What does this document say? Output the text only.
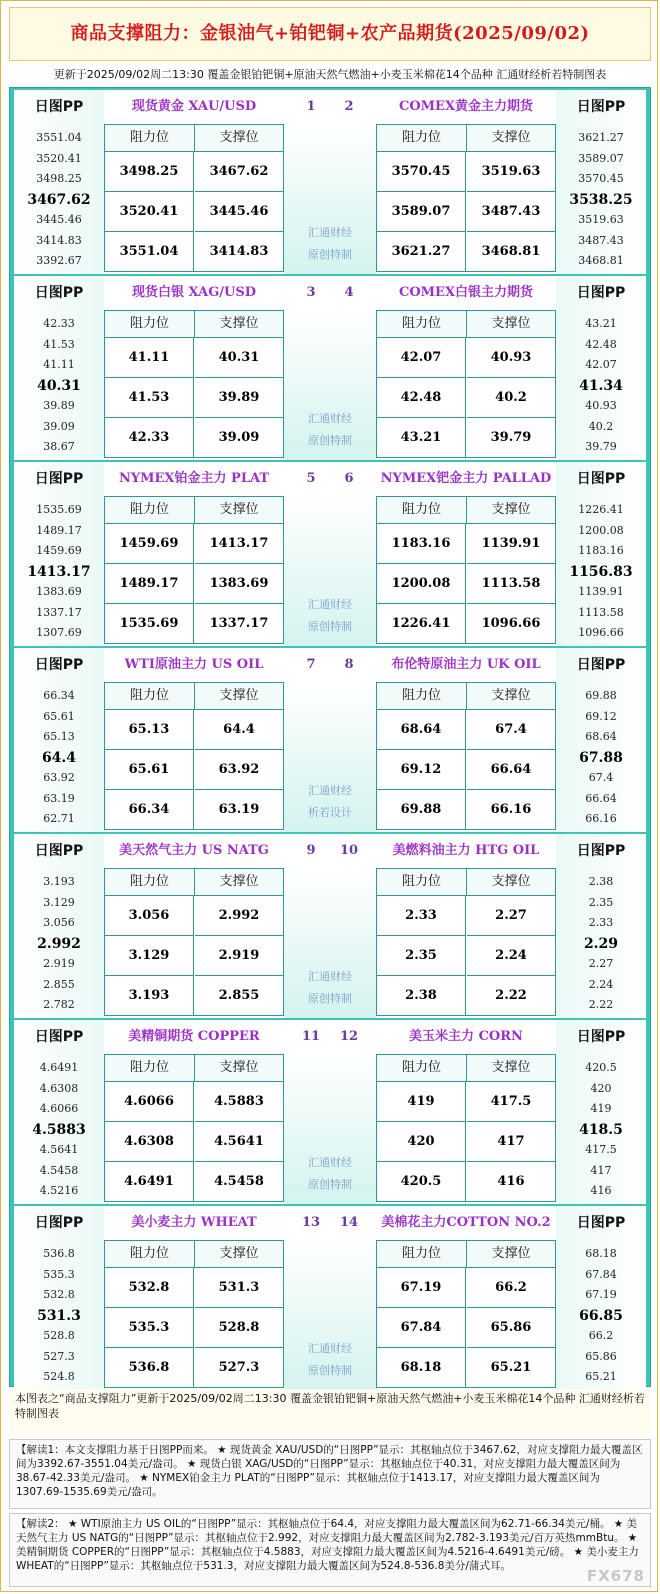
商品支撑阻力：金银油气+铂钯铜+农产品期货(2025/09/02)
更新于2025/09/02周二13:30 覆盖金银铂钯铜+原油天然气燃油+小麦玉米棉花14个品种 汇通财经析若特制图表
日图PP	现货黄金 XAU/USD	1	2	COMEX黄金主力期货	日图PP
3551.04
3520.41
3498.25
3467.62
3445.46
3414.83
3392.67
3621.27
3589.07
3570.45
3538.25
3519.63
3487.43
3468.81
阻力位	支撑位
3498.25	3467.62
3520.41	3445.46
3551.04	3414.83
阻力位	支撑位
3570.45	3519.63
3589.07	3487.43
3621.27	3468.81
汇通财经
原创特制
日图PP	现货白银 XAG/USD	3	4	COMEX白银主力期货	日图PP
42.33
41.53
41.11
40.31
39.89
39.09
38.67
43.21
42.48
42.07
41.34
40.93
40.2
39.79
阻力位	支撑位
41.11	40.31
41.53	39.89
42.33	39.09
阻力位	支撑位
42.07	40.93
42.48	40.2
43.21	39.79
汇通财经
原创特制
日图PP	NYMEX铂金主力 PLAT	5	6	NYMEX钯金主力 PALLAD	日图PP
1535.69
1489.17
1459.69
1413.17
1383.69
1337.17
1307.69
1226.41
1200.08
1183.16
1156.83
1139.91
1113.58
1096.66
阻力位	支撑位
1459.69	1413.17
1489.17	1383.69
1535.69	1337.17
阻力位	支撑位
1183.16	1139.91
1200.08	1113.58
1226.41	1096.66
汇通财经
原创特制
日图PP	WTI原油主力 US OIL	7	8	布伦特原油主力 UK OIL	日图PP
66.34
65.61
65.13
64.4
63.92
63.19
62.71
69.88
69.12
68.64
67.88
67.4
66.64
66.16
阻力位	支撑位
65.13	64.4
65.61	63.92
66.34	63.19
阻力位	支撑位
68.64	67.4
69.12	66.64
69.88	66.16
汇通财经
析若设计
日图PP	美天然气主力 US NATG	9	10	美燃料油主力 HTG OIL	日图PP
3.193
3.129
3.056
2.992
2.919
2.855
2.782
2.38
2.35
2.33
2.29
2.27
2.24
2.22
阻力位	支撑位
3.056	2.992
3.129	2.919
3.193	2.855
阻力位	支撑位
2.33	2.27
2.35	2.24
2.38	2.22
汇通财经
原创特制
日图PP	美精铜期货 COPPER	11	12	美玉米主力 CORN	日图PP
4.6491
4.6308
4.6066
4.5883
4.5641
4.5458
4.5216
420.5
420
419
418.5
417.5
417
416
阻力位	支撑位
4.6066	4.5883
4.6308	4.5641
4.6491	4.5458
阻力位	支撑位
419	417.5
420	417
420.5	416
汇通财经
原创特制
日图PP	美小麦主力 WHEAT	13	14	美棉花主力COTTON NO.2	日图PP
536.8
535.3
532.8
531.3
528.8
527.3
524.8
68.18
67.84
67.19
66.85
66.2
65.86
65.21
阻力位	支撑位
532.8	531.3
535.3	528.8
536.8	527.3
阻力位	支撑位
67.19	66.2
67.84	65.86
68.18	65.21
汇通财经
原创特制
本图表之“商品支撑阻力”更新于2025/09/02周二13:30 覆盖金银铂钯铜+原油天然气燃油+小麦玉米棉花14个品种 汇通财经析若特制图表
【解读1：本文支撑阻力基于日图PP而来。 ★ 现货黄金 XAU/USD的“日图PP”显示：其枢轴点位于3467.62，对应支撑阻力最大覆盖区间为3392.67-3551.04美元/盎司。 ★ 现货白银 XAG/USD的“日图PP”显示：其枢轴点位于40.31，对应支撑阻力最大覆盖区间为38.67-42.33美元/盎司。 ★ NYMEX铂金主力 PLAT的“日图PP”显示：其枢轴点位于1413.17，对应支撑阻力最大覆盖区间为1307.69-1535.69美元/盎司。
【解读2： ★ WTI原油主力 US OIL的“日图PP”显示：其枢轴点位于64.4，对应支撑阻力最大覆盖区间为62.71-66.34美元/桶。 ★ 美天然气主力 US NATG的“日图PP”显示：其枢轴点位于2.992，对应支撑阻力最大覆盖区间为2.782-3.193美元/百万英热mmBtu。 ★ 美精铜期货 COPPER的“日图PP”显示：其枢轴点位于4.5883，对应支撑阻力最大覆盖区间为4.5216-4.6491美元/磅。 ★ 美小麦主力 WHEAT的“日图PP”显示：其枢轴点位于531.3，对应支撑阻力最大覆盖区间为524.8-536.8美分/蒲式耳。
FX678
